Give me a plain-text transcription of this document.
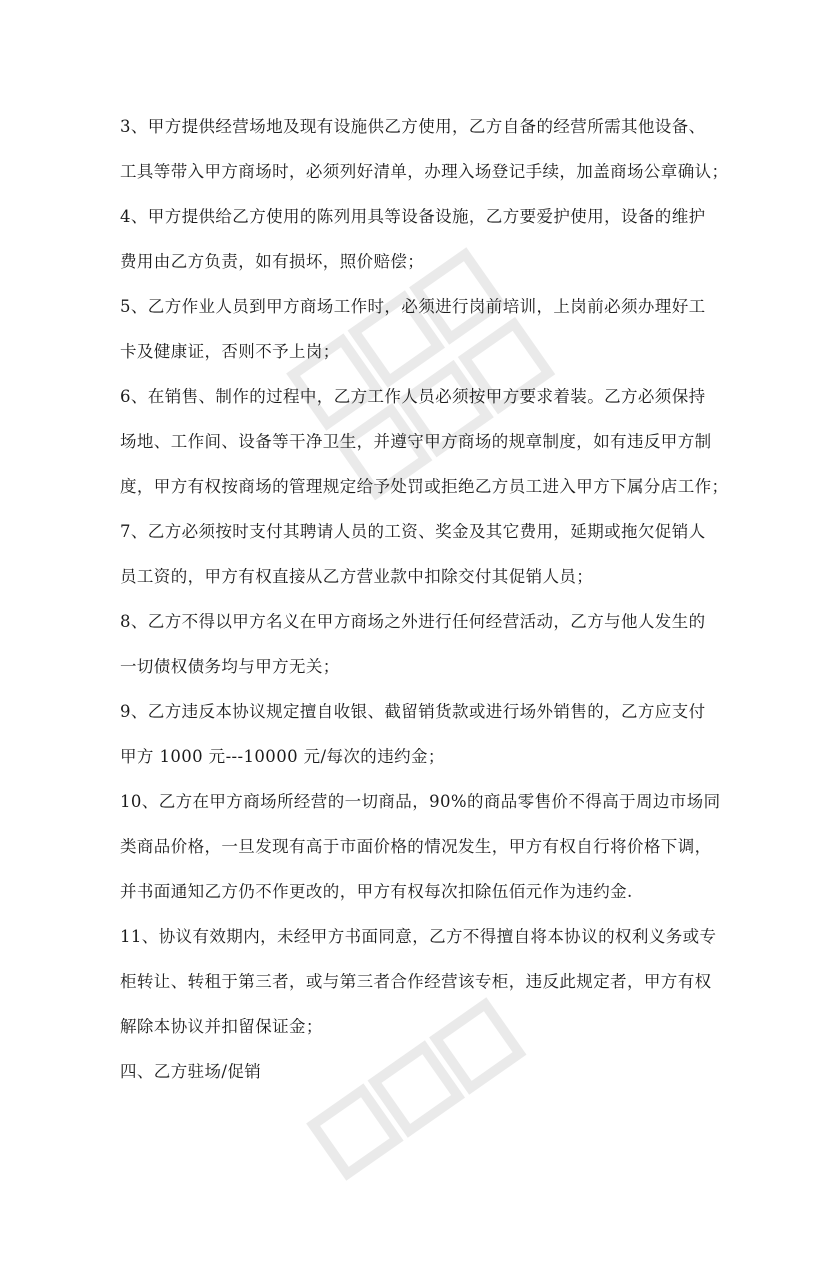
3、甲方提供经营场地及现有设施供乙方使用，乙方自备的经营所需其他设备、
工具等带入甲方商场时，必须列好清单，办理入场登记手续，加盖商场公章确认；
4、甲方提供给乙方使用的陈列用具等设备设施，乙方要爱护使用，设备的维护
费用由乙方负责，如有损坏，照价赔偿；
5、乙方作业人员到甲方商场工作时，必须进行岗前培训，上岗前必须办理好工
卡及健康证，否则不予上岗；
6、在销售、制作的过程中，乙方工作人员必须按甲方要求着装。乙方必须保持
场地、工作间、设备等干净卫生，并遵守甲方商场的规章制度，如有违反甲方制
度，甲方有权按商场的管理规定给予处罚或拒绝乙方员工进入甲方下属分店工作；
7、乙方必须按时支付其聘请人员的工资、奖金及其它费用，延期或拖欠促销人
员工资的，甲方有权直接从乙方营业款中扣除交付其促销人员；
8、乙方不得以甲方名义在甲方商场之外进行任何经营活动，乙方与他人发生的
一切债权债务均与甲方无关；
9、乙方违反本协议规定擅自收银、截留销货款或进行场外销售的，乙方应支付
甲方 1000 元---10000 元/每次的违约金；
10、乙方在甲方商场所经营的一切商品，90%的商品零售价不得高于周边市场同
类商品价格，一旦发现有高于市面价格的情况发生，甲方有权自行将价格下调，
并书面通知乙方仍不作更改的，甲方有权每次扣除伍佰元作为违约金.
11、协议有效期内，未经甲方书面同意，乙方不得擅自将本协议的权利义务或专
柜转让、转租于第三者，或与第三者合作经营该专柜，违反此规定者，甲方有权
解除本协议并扣留保证金；
四、乙方驻场/促销
